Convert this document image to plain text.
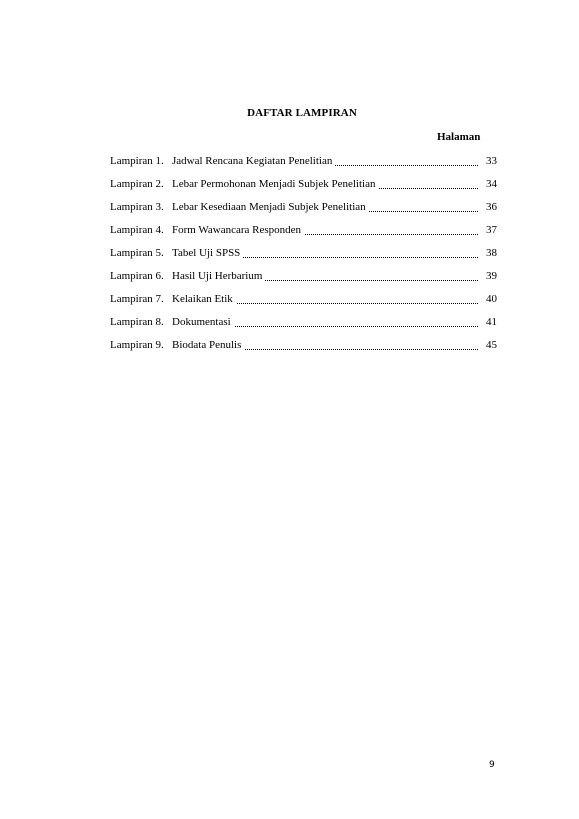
DAFTAR LAMPIRAN
Halaman
Lampiran 1. Jadwal Rencana Kegiatan Penelitian	33
Lampiran 2. Lebar Permohonan Menjadi Subjek Penelitian	34
Lampiran 3. Lebar Kesediaan Menjadi Subjek Penelitian	36
Lampiran 4. Form Wawancara Responden	37
Lampiran 5. Tabel Uji SPSS	38
Lampiran 6. Hasil Uji Herbarium	39
Lampiran 7. Kelaikan Etik	40
Lampiran 8. Dokumentasi	41
Lampiran 9. Biodata Penulis	45
9
